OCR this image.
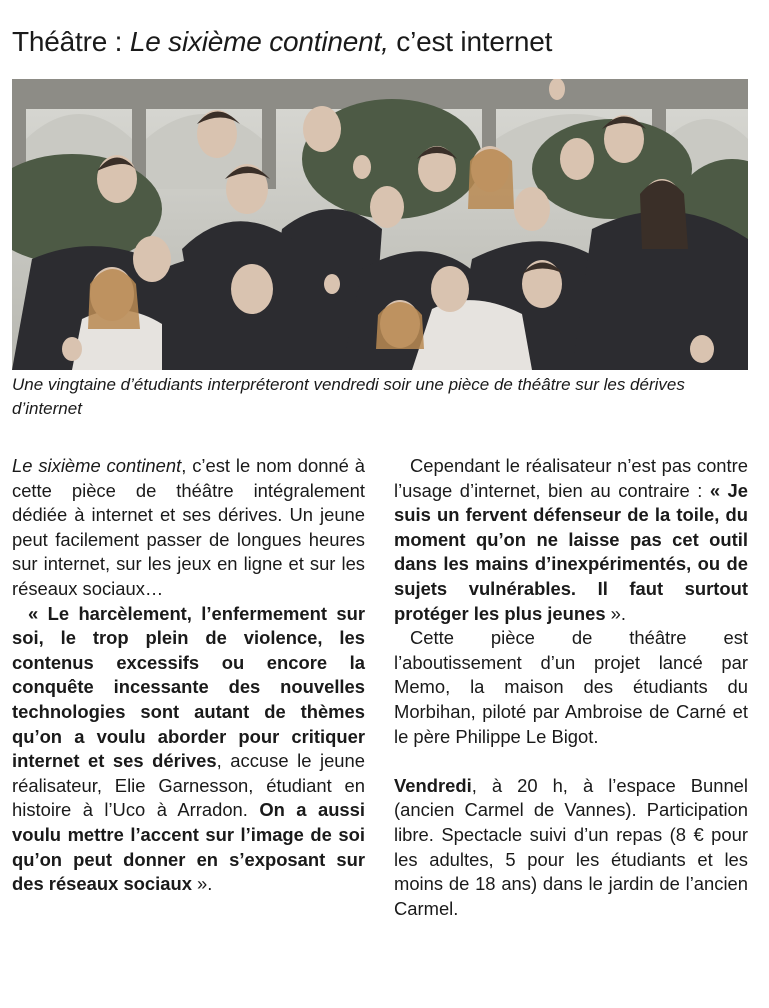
Théâtre : Le sixième continent, c’est internet

Une vingtaine d’étudiants interpréteront vendredi soir une pièce de théâtre sur les dérives d’internet

Le sixième continent, c’est le nom donné à cette pièce de théâtre intégralement dédiée à internet et ses dérives. Un jeune peut facilement passer de longues heures sur internet, sur les jeux en ligne et sur les réseaux sociaux…

« Le harcèlement, l’enfermement sur soi, le trop plein de violence, les contenus excessifs ou encore la conquête incessante des nouvelles technologies sont autant de thèmes qu’on a voulu aborder pour critiquer internet et ses dérives, accuse le jeune réalisateur, Elie Garnesson, étudiant en histoire à l’Uco à Arradon. On a aussi voulu mettre l’accent sur l’image de soi qu’on peut donner en s’exposant sur des réseaux sociaux ».

Cependant le réalisateur n’est pas contre l’usage d’internet, bien au contraire : « Je suis un fervent défenseur de la toile, du moment qu’on ne laisse pas cet outil dans les mains d’inexpérimentés, ou de sujets vulnérables. Il faut surtout protéger les plus jeunes ».

Cette pièce de théâtre est l’aboutissement d’un projet lancé par Memo, la maison des étudiants du Morbihan, piloté par Ambroise de Carné et le père Philippe Le Bigot.

Vendredi, à 20 h, à l’espace Bunnel (ancien Carmel de Vannes). Participation libre. Spectacle suivi d’un repas (8 € pour les adultes, 5 pour les étudiants et les moins de 18 ans) dans le jardin de l’ancien Carmel.
